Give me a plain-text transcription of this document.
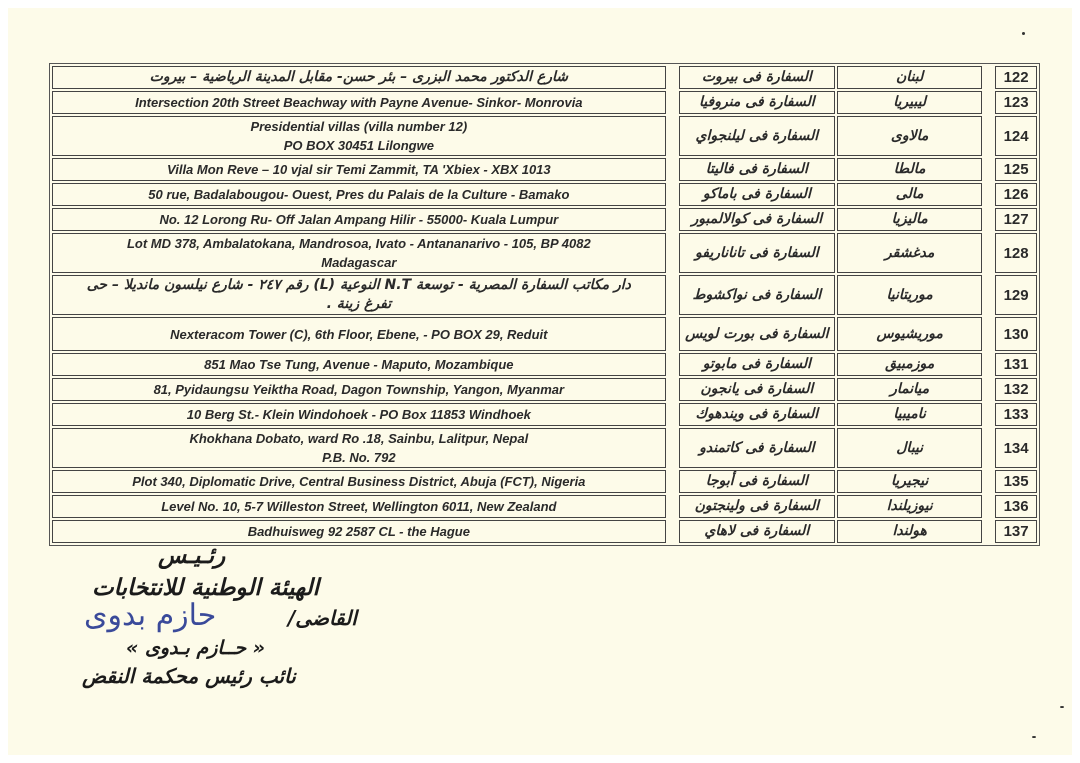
شارع الدكتور محمد البزرى – بئر حسن- مقابل المدينة الرياضية – بيروت		السفارة فى بيروت	لبنان		122

Intersection 20th Street Beachway with Payne Avenue- Sinkor- Monrovia		السفارة فى منروفيا	ليبيريا		123

Presidential villas (villa number 12)
PO BOX 30451 Lilongwe		السفارة فى ليلنجواي	مالاوى		124

Villa Mon Reve – 10 vjal sir Temi Zammit, TA 'Xbiex - XBX 1013		السفارة فى فاليتا	مالطا		125

50 rue, Badalabougou- Ouest, Pres du Palais de la Culture - Bamako		السفارة فى باماكو	مالى		126

No. 12 Lorong Ru- Off Jalan Ampang Hilir - 55000- Kuala Lumpur		السفارة فى كوالالمبور	ماليزيا		127

Lot MD 378, Ambalatokana, Mandrosoa, Ivato - Antananarivo - 105, BP 4082
Madagascar		السفارة فى تاناناريفو	مدغشقر		128

دار مكاتب السفارة المصرية - توسعة N.T النوعية (L) رقم ٢٤٧ - شارع نيلسون مانديلا – حى
تفرغ زينة .		السفارة فى نواكشوط	موريتانيا		129

Nexteracom Tower (C), 6th Floor, Ebene, - PO BOX 29, Reduit		السفارة فى بورت لويس	موريشيوس		130

851 Mao Tse Tung, Avenue - Maputo, Mozambique		السفارة فى مابوتو	موزمبيق		131

81, Pyidaungsu Yeiktha Road, Dagon Township, Yangon, Myanmar		السفارة فى يانجون	ميانمار		132

10 Berg St.- Klein Windohoek - PO Box 11853 Windhoek		السفارة فى ويندهوك	ناميبيا		133

Khokhana Dobato, ward Ro .18, Sainbu, Lalitpur, Nepal
P.B. No. 792		السفارة فى كاتمندو	نيبال		134

Plot 340, Diplomatic Drive, Central Business District, Abuja (FCT), Nigeria		السفارة فى أبوجا	نيجيريا		135

Level No. 10, 5-7 Willeston Street, Wellington 6011, New Zealand		السفارة فى ولينجتون	نيوزيلندا		136

Badhuisweg 92 2587 CL - the Hague		السفارة فى لاهاي	هولندا		137
رئـيـس
الهيئة الوطنية للانتخابات
القاضى/
حازم بدوى
« حــازم بـدوى »
نائب رئيس محكمة النقض
